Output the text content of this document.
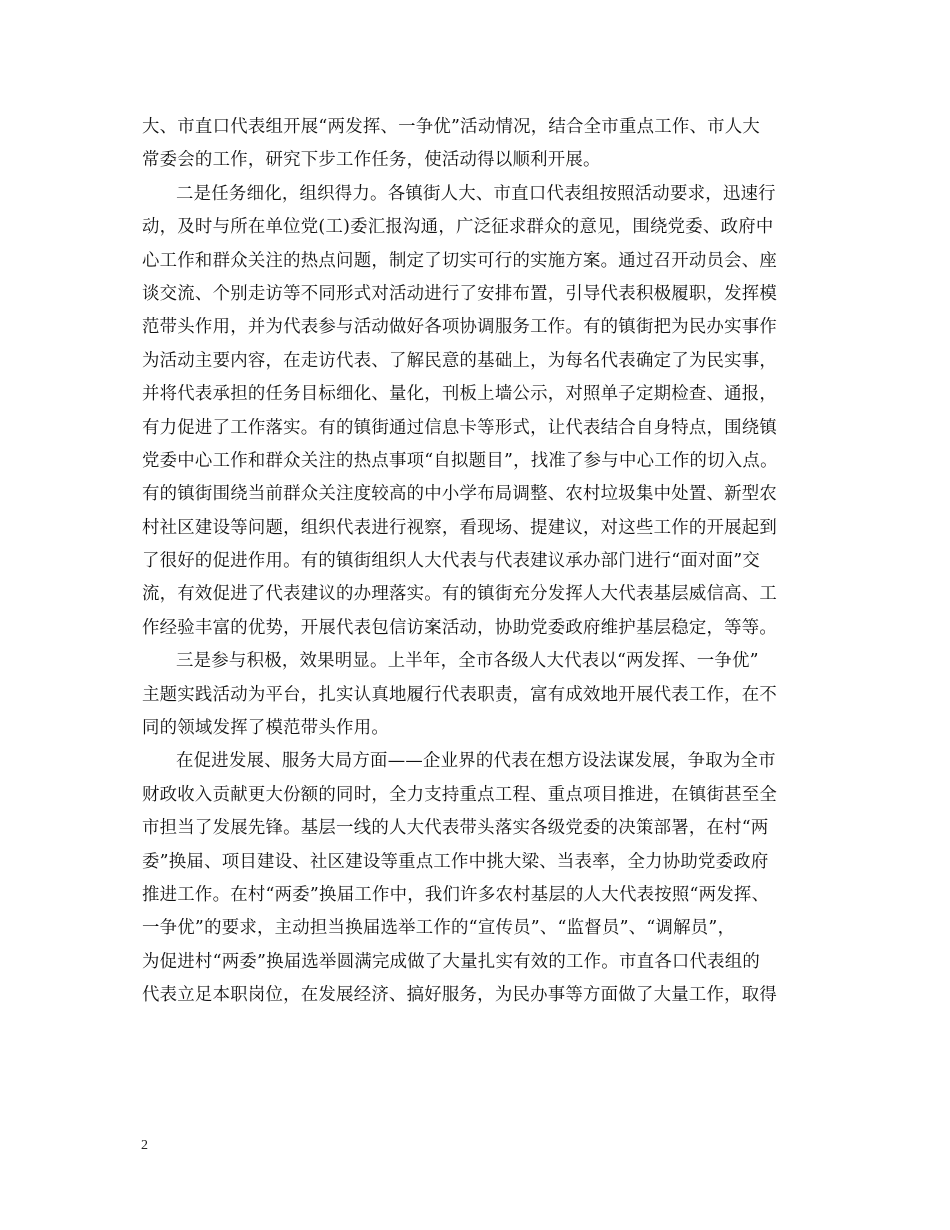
大、市直口代表组开展“两发挥、一争优”活动情况，结合全市重点工作、市人大
常委会的工作，研究下步工作任务，使活动得以顺利开展。
二是任务细化，组织得力。各镇街人大、市直口代表组按照活动要求，迅速行
动，及时与所在单位党(工)委汇报沟通，广泛征求群众的意见，围绕党委、政府中
心工作和群众关注的热点问题，制定了切实可行的实施方案。通过召开动员会、座
谈交流、个别走访等不同形式对活动进行了安排布置，引导代表积极履职，发挥模
范带头作用，并为代表参与活动做好各项协调服务工作。有的镇街把为民办实事作
为活动主要内容，在走访代表、了解民意的基础上，为每名代表确定了为民实事，
并将代表承担的任务目标细化、量化，刊板上墙公示，对照单子定期检查、通报，
有力促进了工作落实。有的镇街通过信息卡等形式，让代表结合自身特点，围绕镇
党委中心工作和群众关注的热点事项“自拟题目”，找准了参与中心工作的切入点。
有的镇街围绕当前群众关注度较高的中小学布局调整、农村垃圾集中处置、新型农
村社区建设等问题，组织代表进行视察，看现场、提建议，对这些工作的开展起到
了很好的促进作用。有的镇街组织人大代表与代表建议承办部门进行“面对面”交
流，有效促进了代表建议的办理落实。有的镇街充分发挥人大代表基层威信高、工
作经验丰富的优势，开展代表包信访案活动，协助党委政府维护基层稳定，等等。
三是参与积极，效果明显。上半年，全市各级人大代表以“两发挥、一争优”
主题实践活动为平台，扎实认真地履行代表职责，富有成效地开展代表工作，在不
同的领域发挥了模范带头作用。
在促进发展、服务大局方面——企业界的代表在想方设法谋发展，争取为全市
财政收入贡献更大份额的同时，全力支持重点工程、重点项目推进，在镇街甚至全
市担当了发展先锋。基层一线的人大代表带头落实各级党委的决策部署，在村“两
委”换届、项目建设、社区建设等重点工作中挑大梁、当表率，全力协助党委政府
推进工作。在村“两委”换届工作中，我们许多农村基层的人大代表按照“两发挥、
一争优”的要求，主动担当换届选举工作的“宣传员”、“监督员”、“调解员”，
为促进村“两委”换届选举圆满完成做了大量扎实有效的工作。市直各口代表组的
代表立足本职岗位，在发展经济、搞好服务，为民办事等方面做了大量工作，取得
2
